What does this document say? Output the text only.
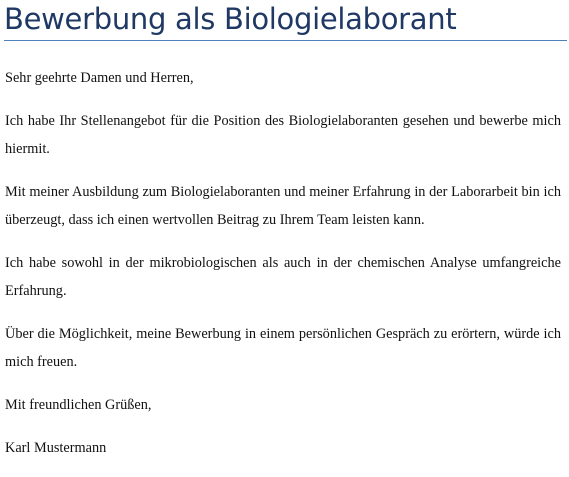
Bewerbung als Biologielaborant

Sehr geehrte Damen und Herren,

Ich habe Ihr Stellenangebot für die Position des Biologielaboranten gesehen und bewerbe mich hiermit.

Mit meiner Ausbildung zum Biologielaboranten und meiner Erfahrung in der Laborarbeit bin ich überzeugt, dass ich einen wertvollen Beitrag zu Ihrem Team leisten kann.

Ich habe sowohl in der mikrobiologischen als auch in der chemischen Analyse umfangreiche Erfahrung.

Über die Möglichkeit, meine Bewerbung in einem persönlichen Gespräch zu erörtern, würde ich mich freuen.

Mit freundlichen Grüßen,

Karl Mustermann
